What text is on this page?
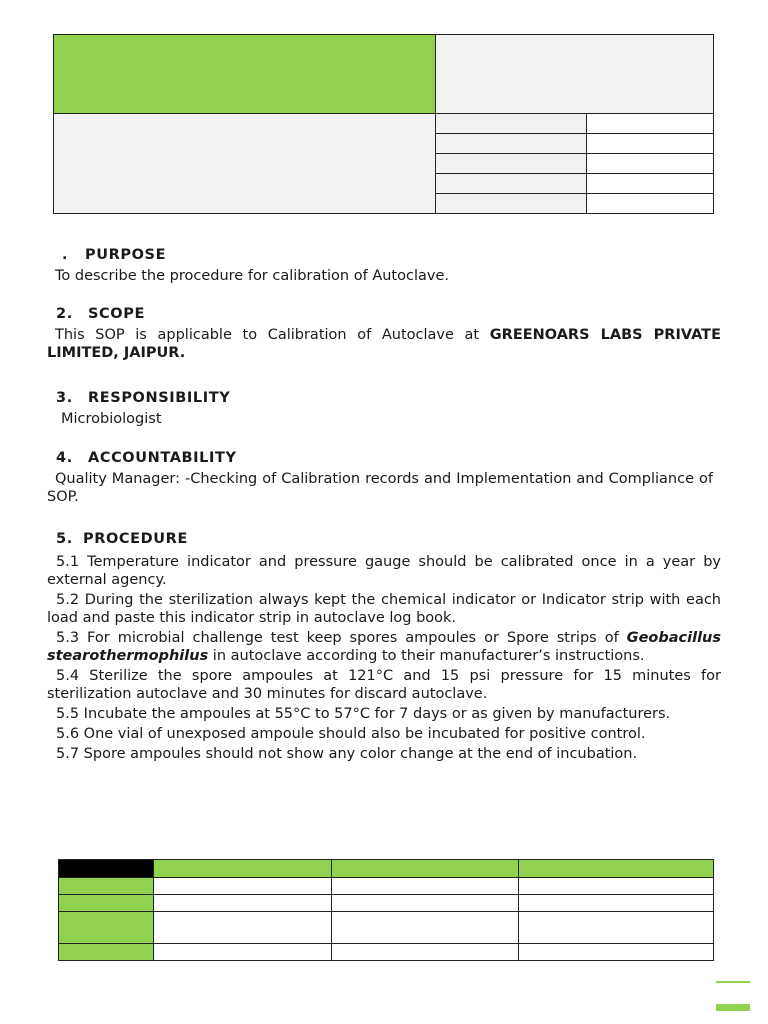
. PURPOSE
To describe the procedure for calibration of Autoclave.
2. SCOPE
This SOP is applicable to Calibration of Autoclave at GREENOARS LABS PRIVATE LIMITED, JAIPUR.
3. RESPONSIBILITY
Microbiologist
4. ACCOUNTABILITY
Quality Manager: -Checking of Calibration records and Implementation and Compliance of SOP.
5. PROCEDURE
5.1 Temperature indicator and pressure gauge should be calibrated once in a year by external agency.
5.2 During the sterilization always kept the chemical indicator or Indicator strip with each load and paste this indicator strip in autoclave log book.
5.3 For microbial challenge test keep spores ampoules or Spore strips of Geobacillus stearothermophilus in autoclave according to their manufacturer’s instructions.
5.4 Sterilize the spore ampoules at 121°C and 15 psi pressure for 15 minutes for sterilization autoclave and 30 minutes for discard autoclave.
5.5 Incubate the ampoules at 55°C to 57°C for 7 days or as given by manufacturers.
5.6 One vial of unexposed ampoule should also be incubated for positive control.
5.7 Spore ampoules should not show any color change at the end of incubation.
